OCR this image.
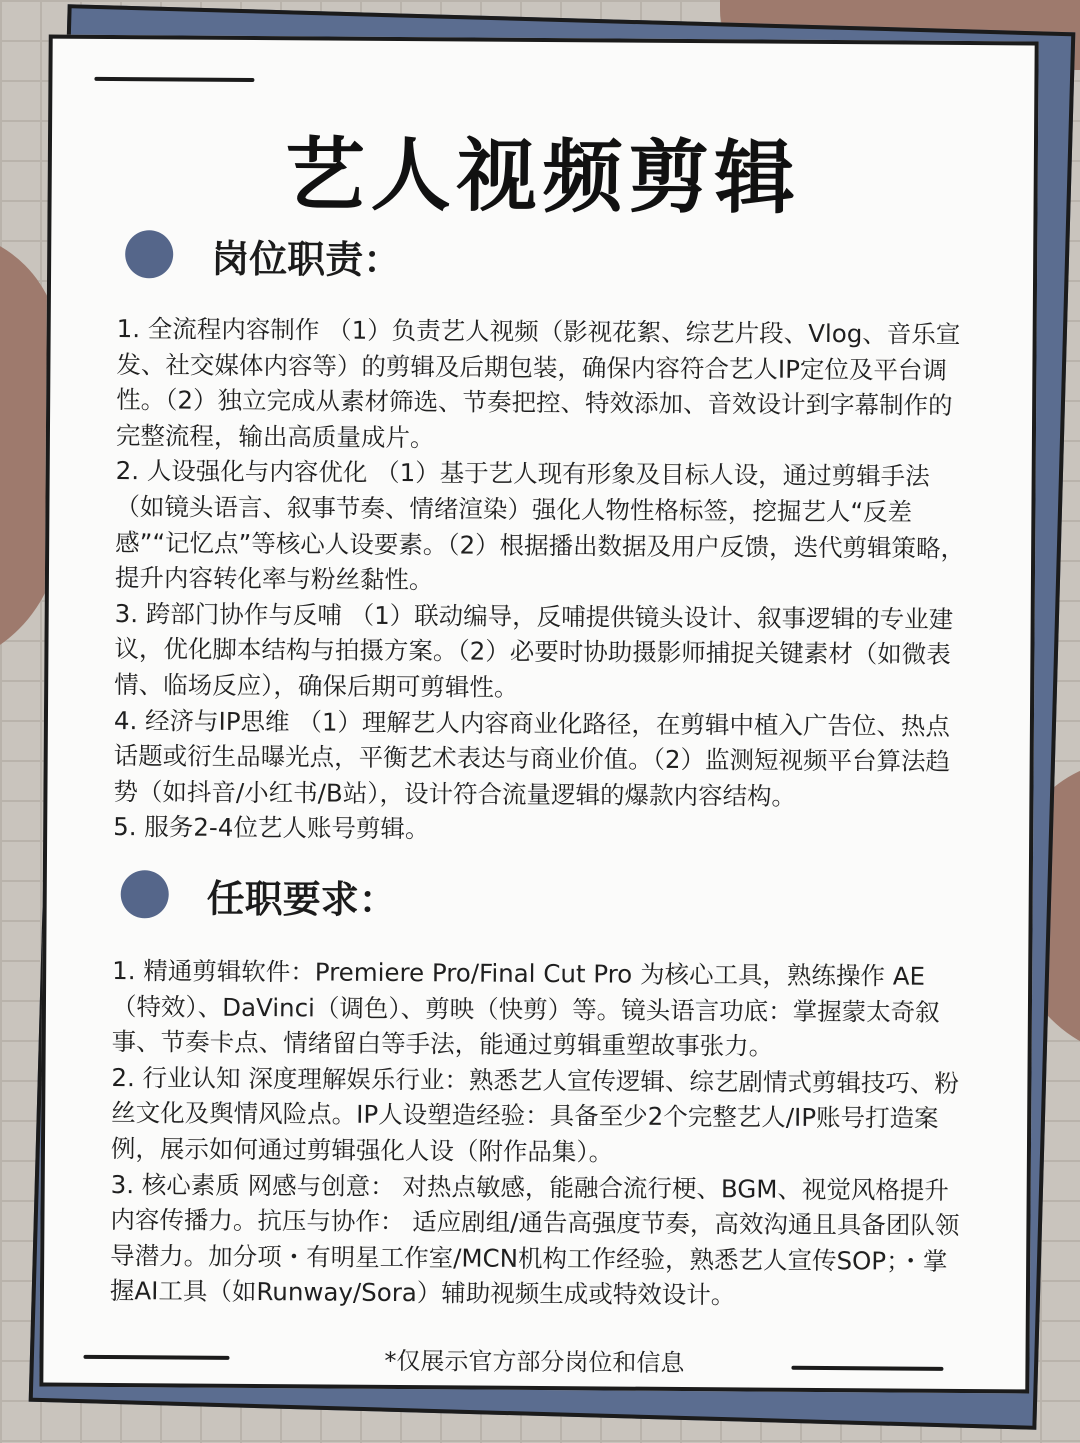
艺人视频剪辑
岗位职责：

1. 全流程内容制作 （1）负责艺人视频（影视花絮、综艺片段、Vlog、音乐宣发、社交媒体内容等）的剪辑及后期包装，确保内容符合艺人IP定位及平台调性。（2）独立完成从素材筛选、节奏把控、特效添加、音效设计到字幕制作的完整流程，输出高质量成片。

2. 人设强化与内容优化 （1）基于艺人现有形象及目标人设，通过剪辑手法（如镜头语言、叙事节奏、情绪渲染）强化人物性格标签，挖掘艺人“反差感”“记忆点”等核心人设要素。（2）根据播出数据及用户反馈，迭代剪辑策略，提升内容转化率与粉丝黏性。

3. 跨部门协作与反哺 （1）联动编导，反哺提供镜头设计、叙事逻辑的专业建议，优化脚本结构与拍摄方案。（2）必要时协助摄影师捕捉关键素材（如微表情、临场反应），确保后期可剪辑性。

4. 经济与IP思维 （1）理解艺人内容商业化路径，在剪辑中植入广告位、热点话题或衍生品曝光点，平衡艺术表达与商业价值。（2）监测短视频平台算法趋势（如抖音/小红书/B站），设计符合流量逻辑的爆款内容结构。

5. 服务2-4位艺人账号剪辑。

任职要求：

1. 精通剪辑软件：Premiere Pro/Final Cut Pro 为核心工具，熟练操作 AE（特效）、DaVinci（调色）、剪映（快剪）等。镜头语言功底：掌握蒙太奇叙事、节奏卡点、情绪留白等手法，能通过剪辑重塑故事张力。

2. 行业认知 深度理解娱乐行业：熟悉艺人宣传逻辑、综艺剧情式剪辑技巧、粉丝文化及舆情风险点。IP人设塑造经验：具备至少2个完整艺人/IP账号打造案例，展示如何通过剪辑强化人设（附作品集）。

3. 核心素质 网感与创意： 对热点敏感，能融合流行梗、BGM、视觉风格提升内容传播力。抗压与协作： 适应剧组/通告高强度节奏，高效沟通且具备团队领导潜力。加分项・有明星工作室/MCN机构工作经验，熟悉艺人宣传SOP；・掌握AI工具（如Runway/Sora）辅助视频生成或特效设计。

*仅展示官方部分岗位和信息
